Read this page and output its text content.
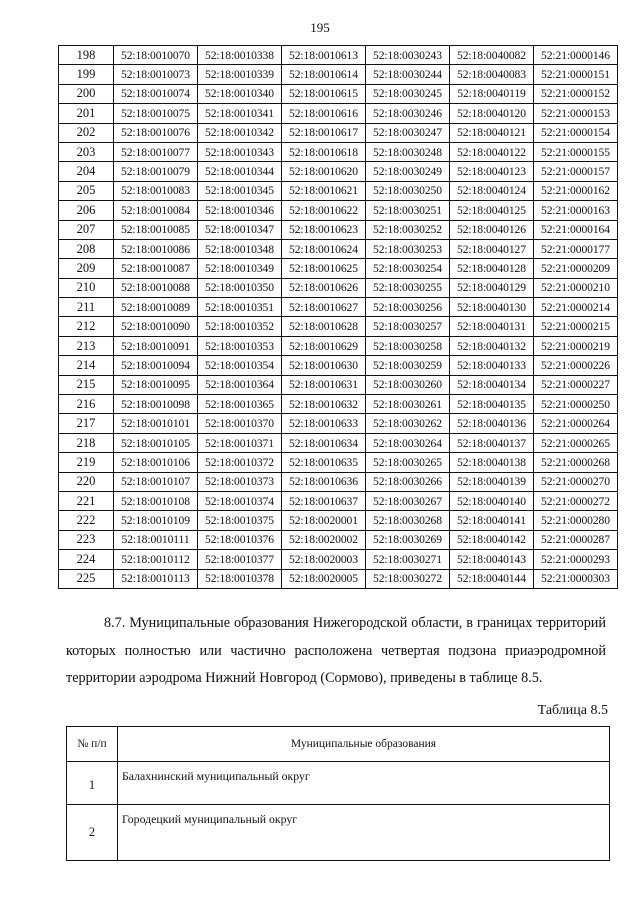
195
198	52:18:0010070	52:18:0010338	52:18:0010613	52:18:0030243	52:18:0040082	52:21:0000146
199	52:18:0010073	52:18:0010339	52:18:0010614	52:18:0030244	52:18:0040083	52:21:0000151
200	52:18:0010074	52:18:0010340	52:18:0010615	52:18:0030245	52:18:0040119	52:21:0000152
201	52:18:0010075	52:18:0010341	52:18:0010616	52:18:0030246	52:18:0040120	52:21:0000153
202	52:18:0010076	52:18:0010342	52:18:0010617	52:18:0030247	52:18:0040121	52:21:0000154
203	52:18:0010077	52:18:0010343	52:18:0010618	52:18:0030248	52:18:0040122	52:21:0000155
204	52:18:0010079	52:18:0010344	52:18:0010620	52:18:0030249	52:18:0040123	52:21:0000157
205	52:18:0010083	52:18:0010345	52:18:0010621	52:18:0030250	52:18:0040124	52:21:0000162
206	52:18:0010084	52:18:0010346	52:18:0010622	52:18:0030251	52:18:0040125	52:21:0000163
207	52:18:0010085	52:18:0010347	52:18:0010623	52:18:0030252	52:18:0040126	52:21:0000164
208	52:18:0010086	52:18:0010348	52:18:0010624	52:18:0030253	52:18:0040127	52:21:0000177
209	52:18:0010087	52:18:0010349	52:18:0010625	52:18:0030254	52:18:0040128	52:21:0000209
210	52:18:0010088	52:18:0010350	52:18:0010626	52:18:0030255	52:18:0040129	52:21:0000210
211	52:18:0010089	52:18:0010351	52:18:0010627	52:18:0030256	52:18:0040130	52:21:0000214
212	52:18:0010090	52:18:0010352	52:18:0010628	52:18:0030257	52:18:0040131	52:21:0000215
213	52:18:0010091	52:18:0010353	52:18:0010629	52:18:0030258	52:18:0040132	52:21:0000219
214	52:18:0010094	52:18:0010354	52:18:0010630	52:18:0030259	52:18:0040133	52:21:0000226
215	52:18:0010095	52:18:0010364	52:18:0010631	52:18:0030260	52:18:0040134	52:21:0000227
216	52:18:0010098	52:18:0010365	52:18:0010632	52:18:0030261	52:18:0040135	52:21:0000250
217	52:18:0010101	52:18:0010370	52:18:0010633	52:18:0030262	52:18:0040136	52:21:0000264
218	52:18:0010105	52:18:0010371	52:18:0010634	52:18:0030264	52:18:0040137	52:21:0000265
219	52:18:0010106	52:18:0010372	52:18:0010635	52:18:0030265	52:18:0040138	52:21:0000268
220	52:18:0010107	52:18:0010373	52:18:0010636	52:18:0030266	52:18:0040139	52:21:0000270
221	52:18:0010108	52:18:0010374	52:18:0010637	52:18:0030267	52:18:0040140	52:21:0000272
222	52:18:0010109	52:18:0010375	52:18:0020001	52:18:0030268	52:18:0040141	52:21:0000280
223	52:18:0010111	52:18:0010376	52:18:0020002	52:18:0030269	52:18:0040142	52:21:0000287
224	52:18:0010112	52:18:0010377	52:18:0020003	52:18:0030271	52:18:0040143	52:21:0000293
225	52:18:0010113	52:18:0010378	52:18:0020005	52:18:0030272	52:18:0040144	52:21:0000303

8.7. Муниципальные образования Нижегородской области, в границах территорий которых полностью или частично расположена четвертая подзона приаэродромной территории аэродрома Нижний Новгород (Сормово), приведены в таблице 8.5.

Таблица 8.5
№ п/п	Муниципальные образования
1	Балахнинский муниципальный округ
2	Городецкий муниципальный округ
